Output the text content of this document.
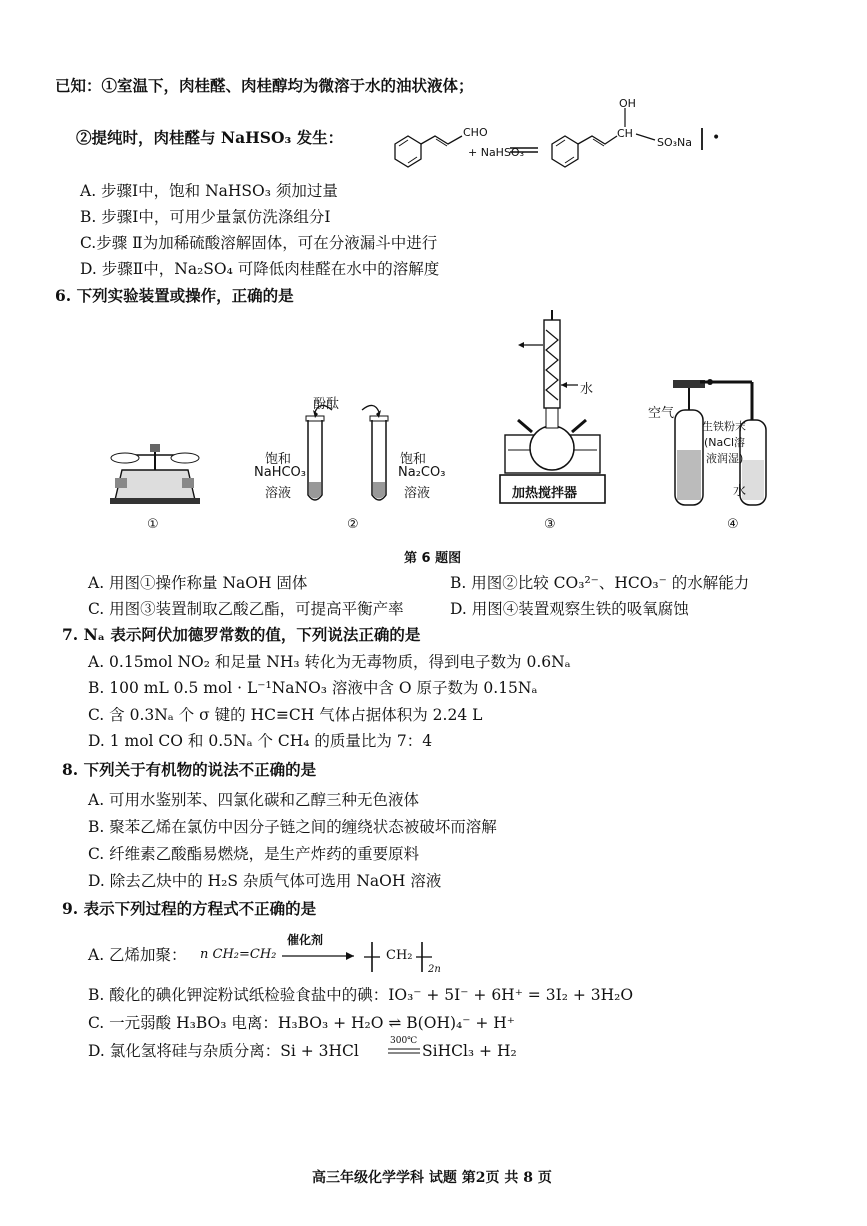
已知：①室温下，肉桂醛、肉桂醇均为微溶于水的油状液体；
②提纯时，肉桂醛与 NaHSO₃ 发生：	CHO
+ NaHSO₃
OH
CH
SO₃Na •
A. 步骤Ⅰ中，饱和 NaHSO₃ 须加过量
B. 步骤Ⅰ中，可用少量氯仿洗涤组分Ⅰ
C.步骤 Ⅱ为加稀硫酸溶解固体，可在分液漏斗中进行
D. 步骤Ⅱ中，Na₂SO₄ 可降低肉桂醛在水中的溶解度
6. 下列实验装置或操作，正确的是
酚酞
饱和
NaHCO₃
溶液
饱和
Na₂CO₃
溶液
水
加热搅拌器
空气
生铁粉末
(NaCl溶
液润湿)
水
①	②	③	④
第 6 题图
A. 用图①操作称量 NaOH 固体	B. 用图②比较 CO₃²⁻、HCO₃⁻ 的水解能力
C. 用图③装置制取乙酸乙酯，可提高平衡产率	D. 用图④装置观察生铁的吸氧腐蚀
7. Nₐ 表示阿伏加德罗常数的值，下列说法正确的是
A. 0.15mol NO₂ 和足量 NH₃ 转化为无毒物质，得到电子数为 0.6Nₐ
B. 100 mL 0.5 mol · L⁻¹NaNO₃ 溶液中含 O 原子数为 0.15Nₐ
C. 含 0.3Nₐ 个 σ 键的 HC≡CH 气体占据体积为 2.24 L
D. 1 mol CO 和 0.5Nₐ 个 CH₄ 的质量比为 7：4
8. 下列关于有机物的说法不正确的是
A. 可用水鉴别苯、四氯化碳和乙醇三种无色液体
B. 聚苯乙烯在氯仿中因分子链之间的缠绕状态被破坏而溶解
C. 纤维素乙酸酯易燃烧，是生产炸药的重要原料
D. 除去乙炔中的 H₂S 杂质气体可选用 NaOH 溶液
9. 表示下列过程的方程式不正确的是
A. 乙烯加聚： n CH₂=CH₂
催化剂
CH₂
2n
B. 酸化的碘化钾淀粉试纸检验食盐中的碘：IO₃⁻ + 5I⁻ + 6H⁺ = 3I₂ + 3H₂O
C. 一元弱酸 H₃BO₃ 电离：H₃BO₃ + H₂O ⇌ B(OH)₄⁻ + H⁺
D. 氯化氢将硅与杂质分离：Si + 3HCl
300℃
SiHCl₃ + H₂
高三年级化学学科 试题 第2页 共 8 页
